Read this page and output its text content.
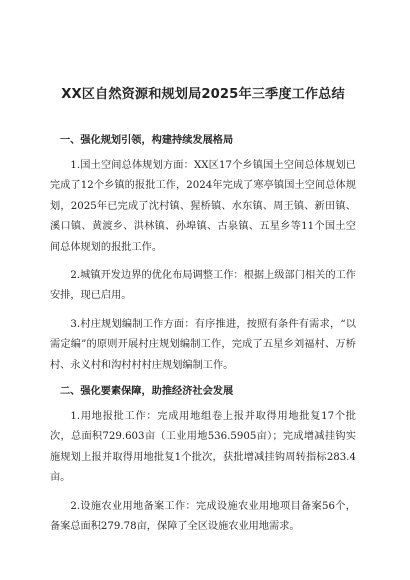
XX区自然资源和规划局2025年三季度工作总结
一、强化规划引领，构建持续发展格局

1.国土空间总体规划方面：XX区17个乡镇国土空间总体规划已完成了12个乡镇的报批工作，2024年完成了寒亭镇国土空间总体规划，2025年已完成了沈村镇、猩桥镇、水东镇、周王镇、新田镇、溪口镇、黄渡乡、洪林镇、孙埠镇、古泉镇、五星乡等11个国土空间总体规划的报批工作。

2.城镇开发边界的优化布局调整工作：根据上级部门相关的工作安排，现已启用。

3.村庄规划编制工作方面：有序推进，按照有条件有需求，“以需定编”的原则开展村庄规划编制工作，完成了五星乡刘福村、万桥村、永义村和沟村村村庄规划编制工作。

二、强化要素保障，助推经济社会发展

1.用地报批工作：完成用地组卷上报并取得用地批复17个批次，总面积729.603亩（工业用地536.5905亩）；完成增减挂钩实施规划上报并取得用地批复1个批次，获批增减挂钩周转指标283.4亩。

2.设施农业用地备案工作：完成设施农业用地项目备案56个，备案总面积279.78亩，保障了全区设施农业用地需求。
